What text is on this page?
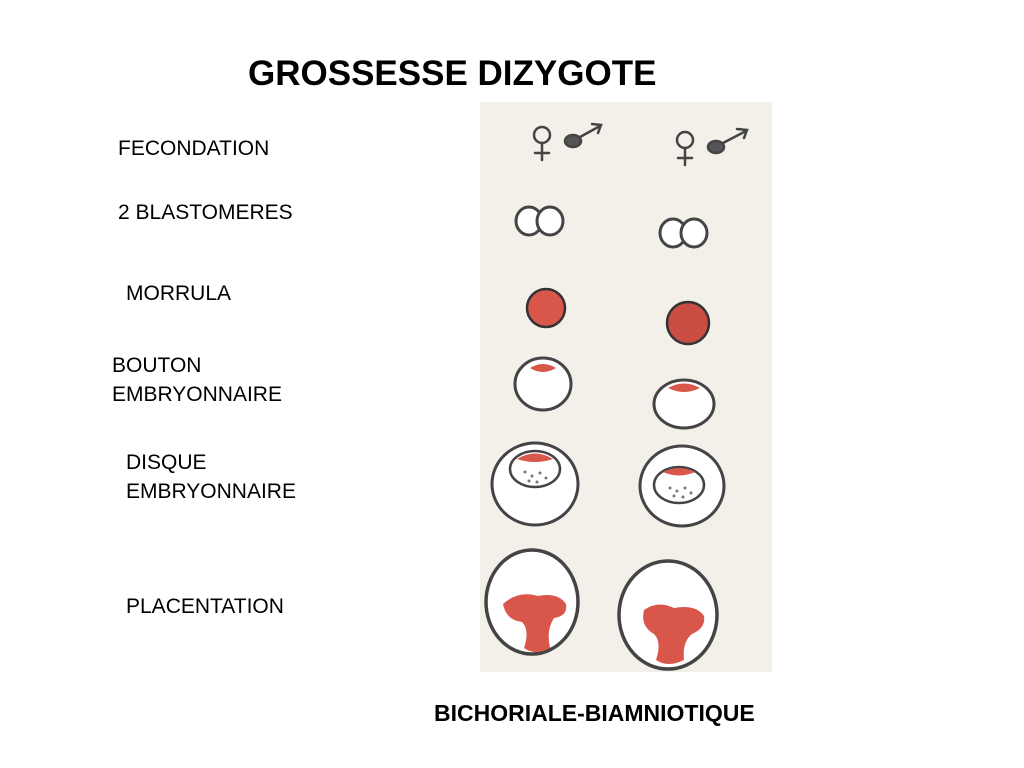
GROSSESSE DIZYGOTE
FECONDATION
2 BLASTOMERES
MORRULA
BOUTON
EMBRYONNAIRE
DISQUE
EMBRYONNAIRE
PLACENTATION
BICHORIALE-BIAMNIOTIQUE
